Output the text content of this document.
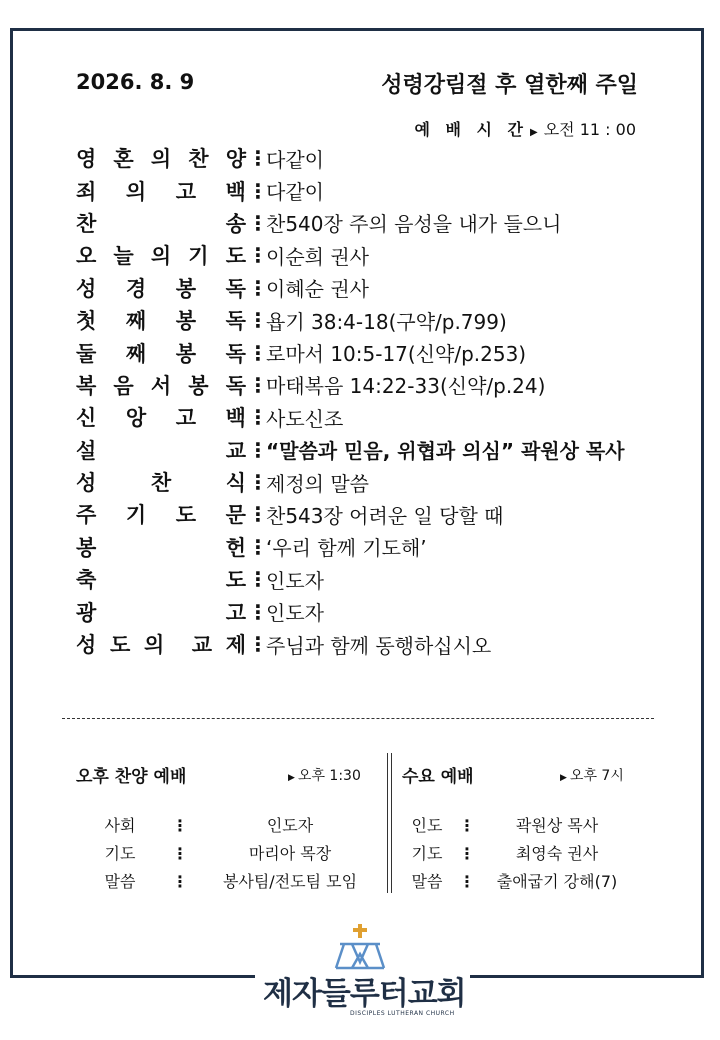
2026. 8. 9	성령강림절 후 열한째 주일
예 배 시 간 ▶ 오전 11 : 00
영 혼 의 찬 양 ⋮
다같이
죄 의 고 백 ⋮
다같이
찬	송 ⋮
찬540장 주의 음성을 내가 들으니
오 늘 의 기 도 ⋮
이순희 권사
성 경 봉 독 ⋮
이혜순 권사
첫 째 봉 독 ⋮
욥기 38:4-18(구약/p.799)
둘 째 봉 독 ⋮
로마서 10:5-17(신약/p.253)
복 음 서 봉 독 ⋮
마태복음 14:22-33(신약/p.24)
신 앙 고 백 ⋮
사도신조
설	교 ⋮
“말씀과 믿음, 위협과 의심” 곽원상 목사
성	찬	식 ⋮
제정의 말씀
주 기 도 문 ⋮
찬543장 어려운 일 당할 때
봉	헌 ⋮
‘우리 함께 기도해’
축	도 ⋮
인도자
광	고 ⋮
인도자
성 도 의 교 제 ⋮
주님과 함께 동행하십시오
오후 찬양 예배	▶ 오후 1:30 수요 예배	▶ 오후 7시
사회	⋮	인도자
기도	⋮	마리아 목장
말씀	⋮	봉사팀/전도팀 모임
인도	⋮	곽원상 목사
기도	⋮	최영숙 권사
말씀	⋮	출애굽기 강해(7)
제자들루터교회
DISCIPLES LUTHERAN CHURCH
